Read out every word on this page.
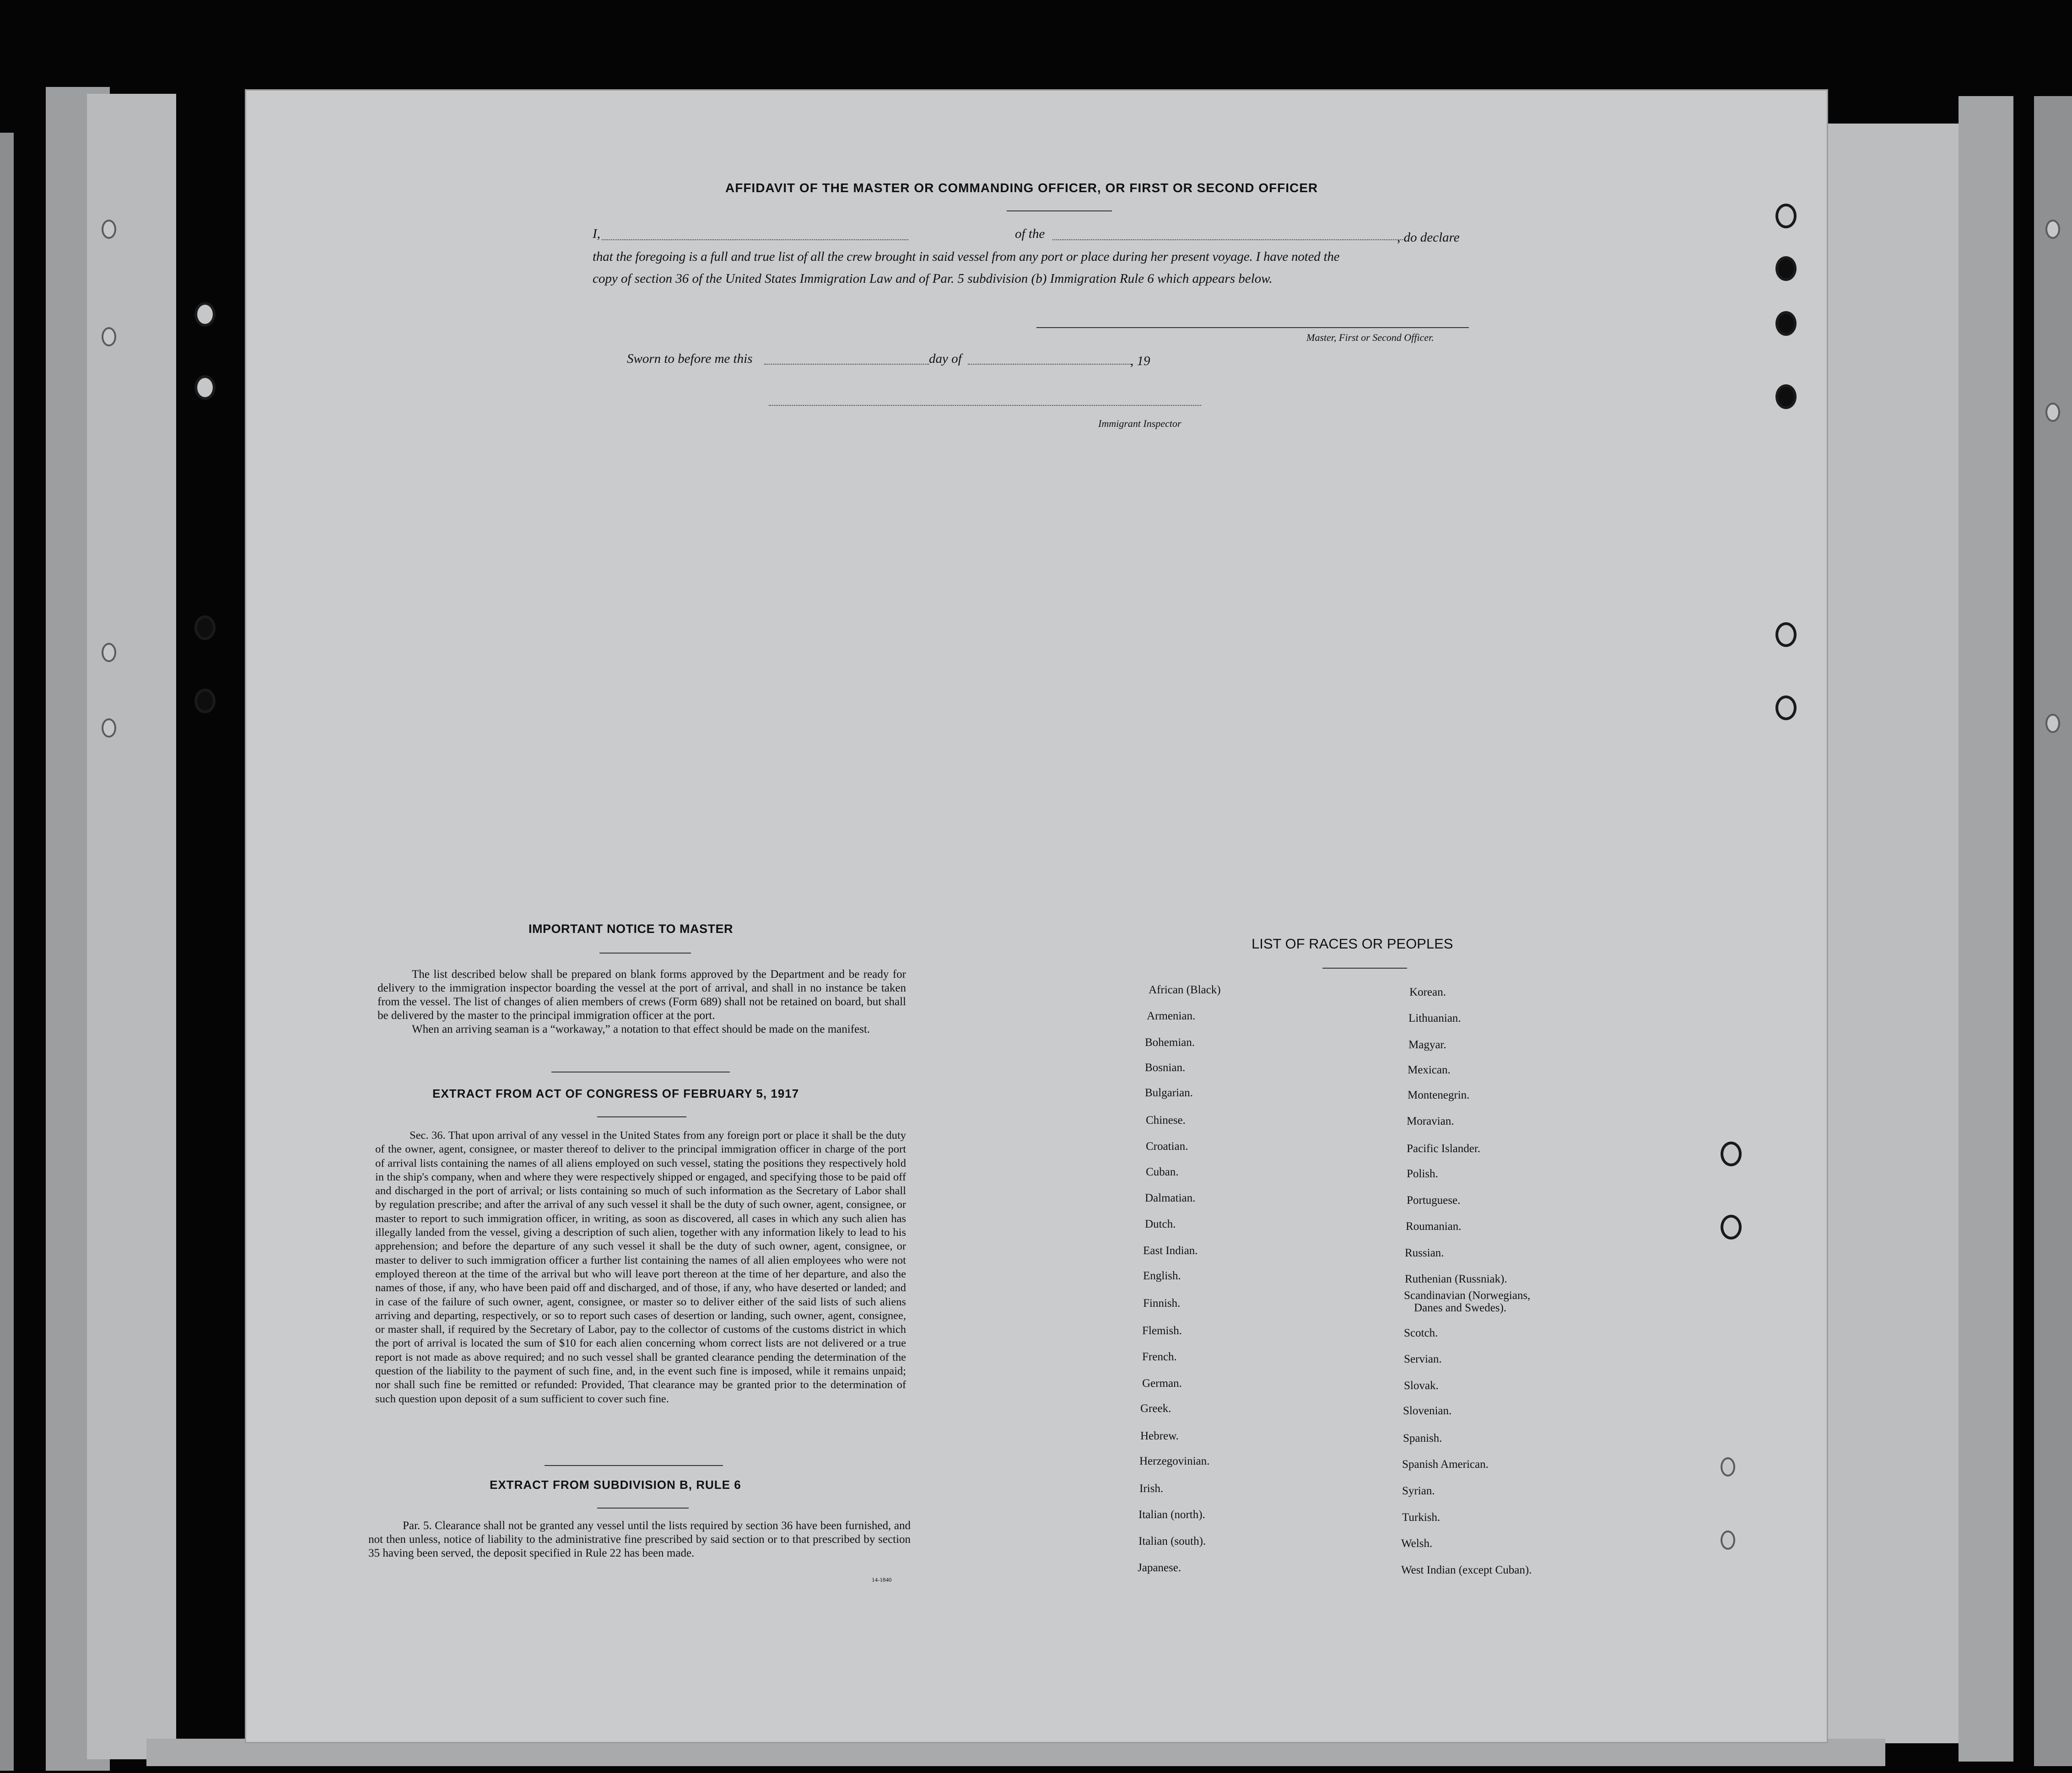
AFFIDAVIT OF THE MASTER OR COMMANDING OFFICER, OR FIRST OR SECOND OFFICER
I,	of the	, do declare
that the foregoing is a full and true list of all the crew brought in said vessel from any port or place during her present voyage. I have noted the
copy of section 36 of the United States Immigration Law and of Par. 5 subdivision (b) Immigration Rule 6 which appears below.
Master, First or Second Officer.
Sworn to before me this	day of	, 19
Immigrant Inspector
IMPORTANT NOTICE TO MASTER
The list described below shall be prepared on blank forms approved by the Department and be ready for delivery to the immigration inspector boarding the vessel at the port of arrival, and shall in no instance be taken from the vessel. The list of changes of alien members of crews (Form 689) shall not be retained on board, but shall be delivered by the master to the principal immigration officer at the port.
When an arriving seaman is a “workaway,” a notation to that effect should be made on the manifest.
EXTRACT FROM ACT OF CONGRESS OF FEBRUARY 5, 1917
Sec. 36. That upon arrival of any vessel in the United States from any foreign port or place it shall be the duty of the owner, agent, consignee, or master thereof to deliver to the principal immigration officer in charge of the port of arrival lists containing the names of all aliens employed on such vessel, stating the positions they respectively hold in the ship's company, when and where they were respectively shipped or engaged, and specifying those to be paid off and discharged in the port of arrival; or lists containing so much of such information as the Secretary of Labor shall by regulation prescribe; and after the arrival of any such vessel it shall be the duty of such owner, agent, consignee, or master to report to such immigration officer, in writing, as soon as discovered, all cases in which any such alien has illegally landed from the vessel, giving a description of such alien, together with any information likely to lead to his apprehension; and before the departure of any such vessel it shall be the duty of such owner, agent, consignee, or master to deliver to such immigration officer a further list containing the names of all alien employees who were not employed thereon at the time of the arrival but who will leave port thereon at the time of her departure, and also the names of those, if any, who have been paid off and discharged, and of those, if any, who have deserted or landed; and in case of the failure of such owner, agent, consignee, or master so to deliver either of the said lists of such aliens arriving and departing, respectively, or so to report such cases of desertion or landing, such owner, agent, consignee, or master shall, if required by the Secretary of Labor, pay to the collector of customs of the customs district in which the port of arrival is located the sum of $10 for each alien concerning whom correct lists are not delivered or a true report is not made as above required; and no such vessel shall be granted clearance pending the determination of the question of the liability to the payment of such fine, and, in the event such fine is imposed, while it remains unpaid; nor shall such fine be remitted or refunded: Provided, That clearance may be granted prior to the determination of such question upon deposit of a sum sufficient to cover such fine.
EXTRACT FROM SUBDIVISION B, RULE 6
Par. 5. Clearance shall not be granted any vessel until the lists required by section 36 have been furnished, and not then unless, notice of liability to the administrative fine prescribed by said section or to that prescribed by section 35 having been served, the deposit specified in Rule 22 has been made.
14-1840
LIST OF RACES OR PEOPLES
African (Black)
Armenian.
Bohemian.
Bosnian.
Bulgarian.
Chinese.
Croatian.
Cuban.
Dalmatian.
Dutch.
East Indian.
English.
Finnish.
Flemish.
French.
German.
Greek.
Hebrew.
Herzegovinian.
Irish.
Italian (north).
Italian (south).
Japanese.
Korean.
Lithuanian.
Magyar.
Mexican.
Montenegrin.
Moravian.
Pacific Islander.
Polish.
Portuguese.
Roumanian.
Russian.
Ruthenian (Russniak).
Scandinavian (Norwegians,
Danes and Swedes).
Scotch.
Servian.
Slovak.
Slovenian.
Spanish.
Spanish American.
Syrian.
Turkish.
Welsh.
West Indian (except Cuban).
